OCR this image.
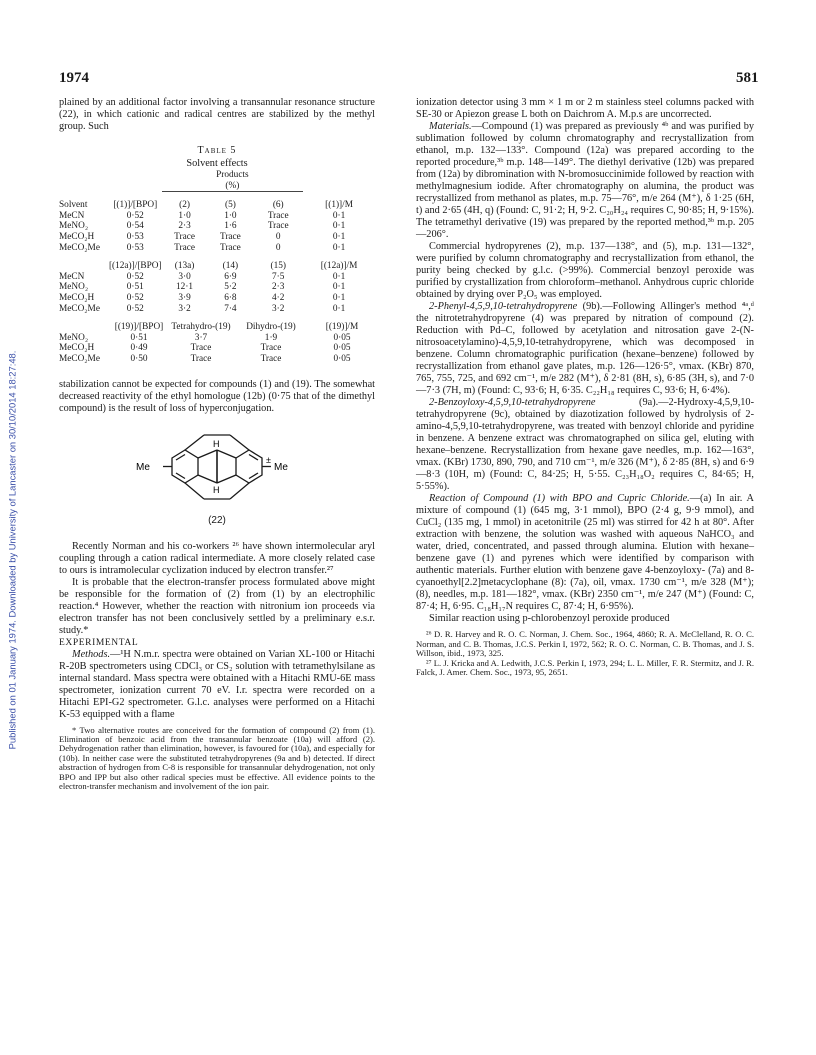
1974	581
Published on 01 January 1974. Downloaded by University of Lancaster on 30/10/2014 18:27:48.

plained by an additional factor involving a transannular resonance structure (22), in which cationic and radical centres are stabilized by the methyl group. Such

Table 5
Solvent effects
		Products			
		(%)			
Solvent	[(1)]/[BPO]	(2)	(5)	(6)	[(1)]/M
MeCN	0·52	1·0	1·0	Trace	0·1
MeNO₂	0·54	2·3	1·6	Trace	0·1
MeCO₂H	0·53	Trace	Trace	0	0·1
MeCO₂Me	0·53	Trace	Trace	0	0·1
	[(12a)]/[BPO]	(13a)	(14)	(15)	[(12a)]/M
MeCN	0·52	3·0	6·9	7·5	0·1
MeNO₂	0·51	12·1	5·2	2·3	0·1
MeCO₂H	0·52	3·9	6·8	4·2	0·1
MeCO₂Me	0·52	3·2	7·4	3·2	0·1
	[(19)]/[BPO]	Tetrahydro-(19)	Dihydro-(19)	[(19)]/M
MeNO₂	0·51	3·7	1·9	0·05
MeCO₂H	0·49	Trace	Trace	0·05
MeCO₂Me	0·50	Trace	Trace	0·05

stabilization cannot be expected for compounds (1) and (19). The somewhat decreased reactivity of the ethyl homologue (12b) (0·75 that of the dimethyl compound) is the result of loss of hyperconjugation.

Me	Me
H
H
±
(22)

Recently Norman and his co-workers ²⁶ have shown intermolecular aryl coupling through a cation radical intermediate. A more closely related case to ours is intramolecular cyclization induced by electron transfer.²⁷

It is probable that the electron-transfer process formulated above might be responsible for the formation of (2) from (1) by an electrophilic reaction.⁴ However, whether the reaction with nitronium ion proceeds via electron transfer has not been conclusively settled by a preliminary e.s.r. study.*

EXPERIMENTAL

Methods.—¹H N.m.r. spectra were obtained on Varian XL-100 or Hitachi R-20B spectrometers using CDCl₃ or CS₂ solution with tetramethylsilane as internal standard. Mass spectra were obtained with a Hitachi RMU-6E mass spectrometer, ionization current 70 eV. I.r. spectra were recorded on a Hitachi EPI-G2 spectrometer. G.l.c. analyses were performed on a Hitachi K-53 equipped with a flame

* Two alternative routes are conceived for the formation of compound (2) from (1). Elimination of benzoic acid from the transannular benzoate (10a) will afford (2). Dehydrogenation rather than elimination, however, is favoured for (10a), and especially for (10b). In neither case were the substituted tetrahydropyrenes (9a and b) detected. If direct abstraction of hydrogen from C-8 is responsible for transannular dehydrogenation, not only BPO and IPP but also other radical species must be effective. All evidence points to the electron-transfer mechanism and involvement of the ion pair.

ionization detector using 3 mm × 1 m or 2 m stainless steel columns packed with SE-30 or Apiezon grease L both on Daichrom A. M.p.s are uncorrected.

Materials.—Compound (1) was prepared as previously ⁴ᵇ and was purified by sublimation followed by column chromatography and recrystallization from ethanol, m.p. 132—133°. Compound (12a) was prepared according to the reported procedure,³ᵇ m.p. 148—149°. The diethyl derivative (12b) was prepared from (12a) by dibromination with N-bromosuccinimide followed by reaction with methylmagnesium iodide. After chromatography on alumina, the product was recrystallized from methanol as plates, m.p. 75—76°, m/e 264 (M⁺), δ 1·25 (6H, t) and 2·65 (4H, q) (Found: C, 91·2; H, 9·2. C₂₀H₂₄ requires C, 90·85; H, 9·15%). The tetramethyl derivative (19) was prepared by the reported method,³ᵇ m.p. 205—206°.

Commercial hydropyrenes (2), m.p. 137—138°, and (5), m.p. 131—132°, were purified by column chromatography and recrystallization from ethanol, the purity being checked by g.l.c. (>99%). Commercial benzoyl peroxide was purified by crystallization from chloroform–methanol. Anhydrous cupric chloride obtained by drying over P₂O₅ was employed.

2-Phenyl-4,5,9,10-tetrahydropyrene (9b).—Following Allinger's method ⁴ᵃ,ᵈ the nitrotetrahydropyrene (4) was prepared by nitration of compound (2). Reduction with Pd–C, followed by acetylation and nitrosation gave 2-(N-nitrosoacetylamino)-4,5,9,10-tetrahydropyrene, which was decomposed in benzene. Column chromatographic purification (hexane–benzene) followed by recrystallization from ethanol gave plates, m.p. 126—126·5°, νmax. (KBr) 870, 765, 755, 725, and 692 cm⁻¹, m/e 282 (M⁺), δ 2·81 (8H, s), 6·85 (3H, s), and 7·0—7·3 (7H, m) (Found: C, 93·6; H, 6·35. C₂₂H₁₈ requires C, 93·6; H, 6·4%).

2-Benzoyloxy-4,5,9,10-tetrahydropyrene (9a).—2-Hydroxy-4,5,9,10-tetrahydropyrene (9c), obtained by diazotization followed by hydrolysis of 2-amino-4,5,9,10-tetrahydropyrene, was treated with benzoyl chloride and pyridine in benzene. A benzene extract was chromatographed on silica gel, eluting with hexane–benzene. Recrystallization from hexane gave needles, m.p. 162—163°, νmax. (KBr) 1730, 890, 790, and 710 cm⁻¹, m/e 326 (M⁺), δ 2·85 (8H, s) and 6·9—8·3 (10H, m) (Found: C, 84·25; H, 5·55. C₂₃H₁₈O₂ requires C, 84·65; H, 5·55%).

Reaction of Compound (1) with BPO and Cupric Chloride.—(a) In air. A mixture of compound (1) (645 mg, 3·1 mmol), BPO (2·4 g, 9·9 mmol), and CuCl₂ (135 mg, 1 mmol) in acetonitrile (25 ml) was stirred for 42 h at 80°. After extraction with benzene, the solution was washed with aqueous NaHCO₃ and water, dried, concentrated, and passed through alumina. Elution with hexane–benzene gave (1) and pyrenes which were identified by comparison with authentic materials. Further elution with benzene gave 4-benzoyloxy- (7a) and 8-cyanoethyl[2.2]metacyclophane (8): (7a), oil, νmax. 1730 cm⁻¹, m/e 328 (M⁺); (8), needles, m.p. 181—182°, νmax. (KBr) 2350 cm⁻¹, m/e 247 (M⁺) (Found: C, 87·4; H, 6·95. C₁₈H₁₇N requires C, 87·4; H, 6·95%).

Similar reaction using p-chlorobenzoyl peroxide produced

²⁶ D. R. Harvey and R. O. C. Norman, J. Chem. Soc., 1964, 4860; R. A. McClelland, R. O. C. Norman, and C. B. Thomas, J.C.S. Perkin I, 1972, 562; R. O. C. Norman, C. B. Thomas, and J. S. Willson, ibid., 1973, 325.

²⁷ L. J. Kricka and A. Ledwith, J.C.S. Perkin I, 1973, 294; L. L. Miller, F. R. Stermitz, and J. R. Falck, J. Amer. Chem. Soc., 1973, 95, 2651.
